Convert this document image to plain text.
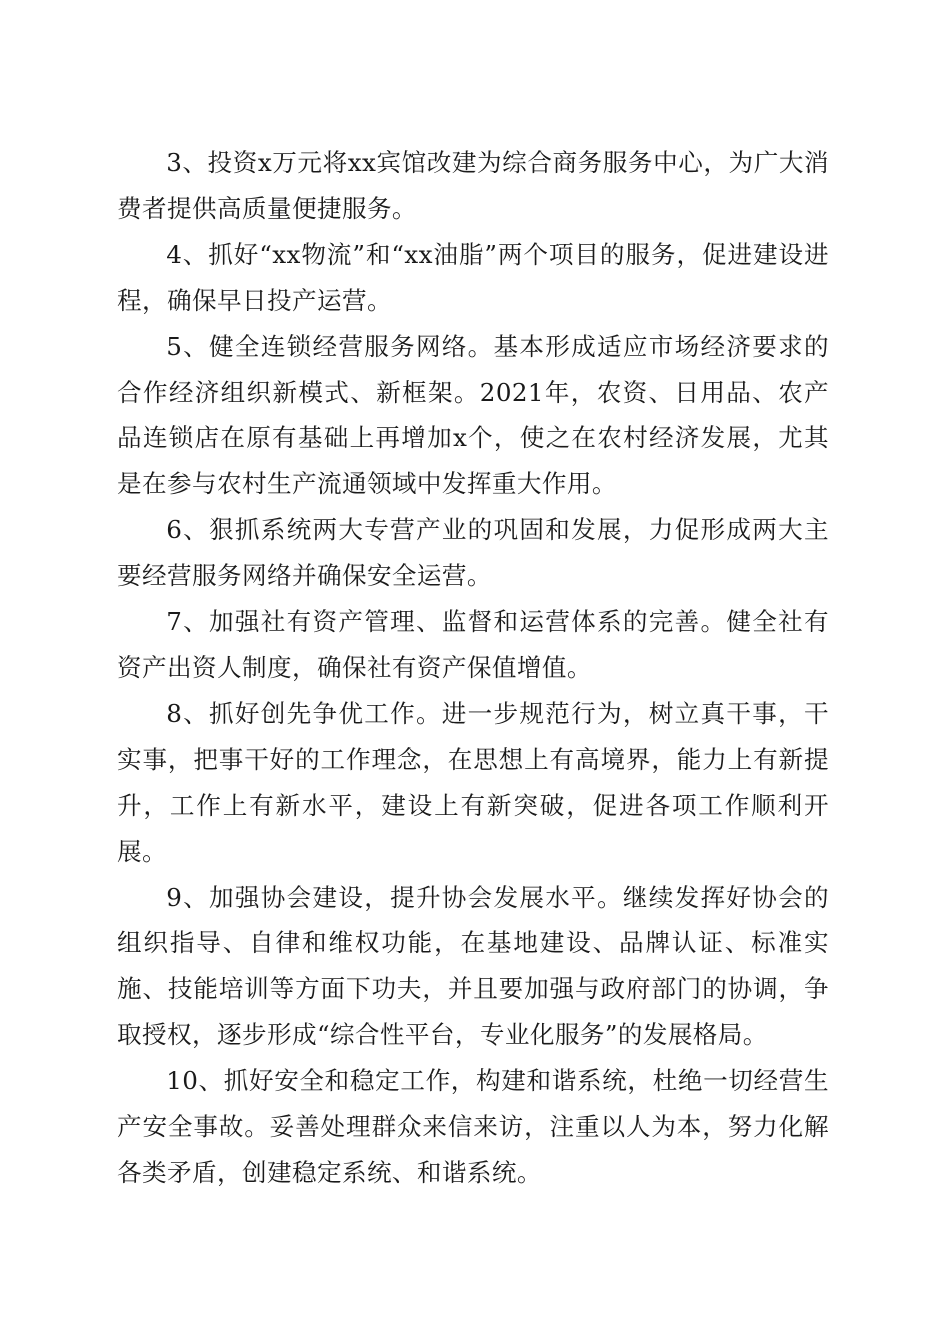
3、投资x万元将xx宾馆改建为综合商务服务中心，为广大消费者提供高质量便捷服务。

4、抓好“xx物流”和“xx油脂”两个项目的服务，促进建设进程，确保早日投产运营。

5、健全连锁经营服务网络。基本形成适应市场经济要求的合作经济组织新模式、新框架。2021年，农资、日用品、农产品连锁店在原有基础上再增加x个，使之在农村经济发展，尤其是在参与农村生产流通领域中发挥重大作用。

6、狠抓系统两大专营产业的巩固和发展，力促形成两大主要经营服务网络并确保安全运营。

7、加强社有资产管理、监督和运营体系的完善。健全社有资产出资人制度，确保社有资产保值增值。

8、抓好创先争优工作。进一步规范行为，树立真干事，干实事，把事干好的工作理念，在思想上有高境界，能力上有新提升，工作上有新水平，建设上有新突破，促进各项工作顺利开展。

9、加强协会建设，提升协会发展水平。继续发挥好协会的组织指导、自律和维权功能，在基地建设、品牌认证、标准实施、技能培训等方面下功夫，并且要加强与政府部门的协调，争取授权，逐步形成“综合性平台，专业化服务”的发展格局。

10、抓好安全和稳定工作，构建和谐系统，杜绝一切经营生产安全事故。妥善处理群众来信来访，注重以人为本，努力化解各类矛盾，创建稳定系统、和谐系统。
